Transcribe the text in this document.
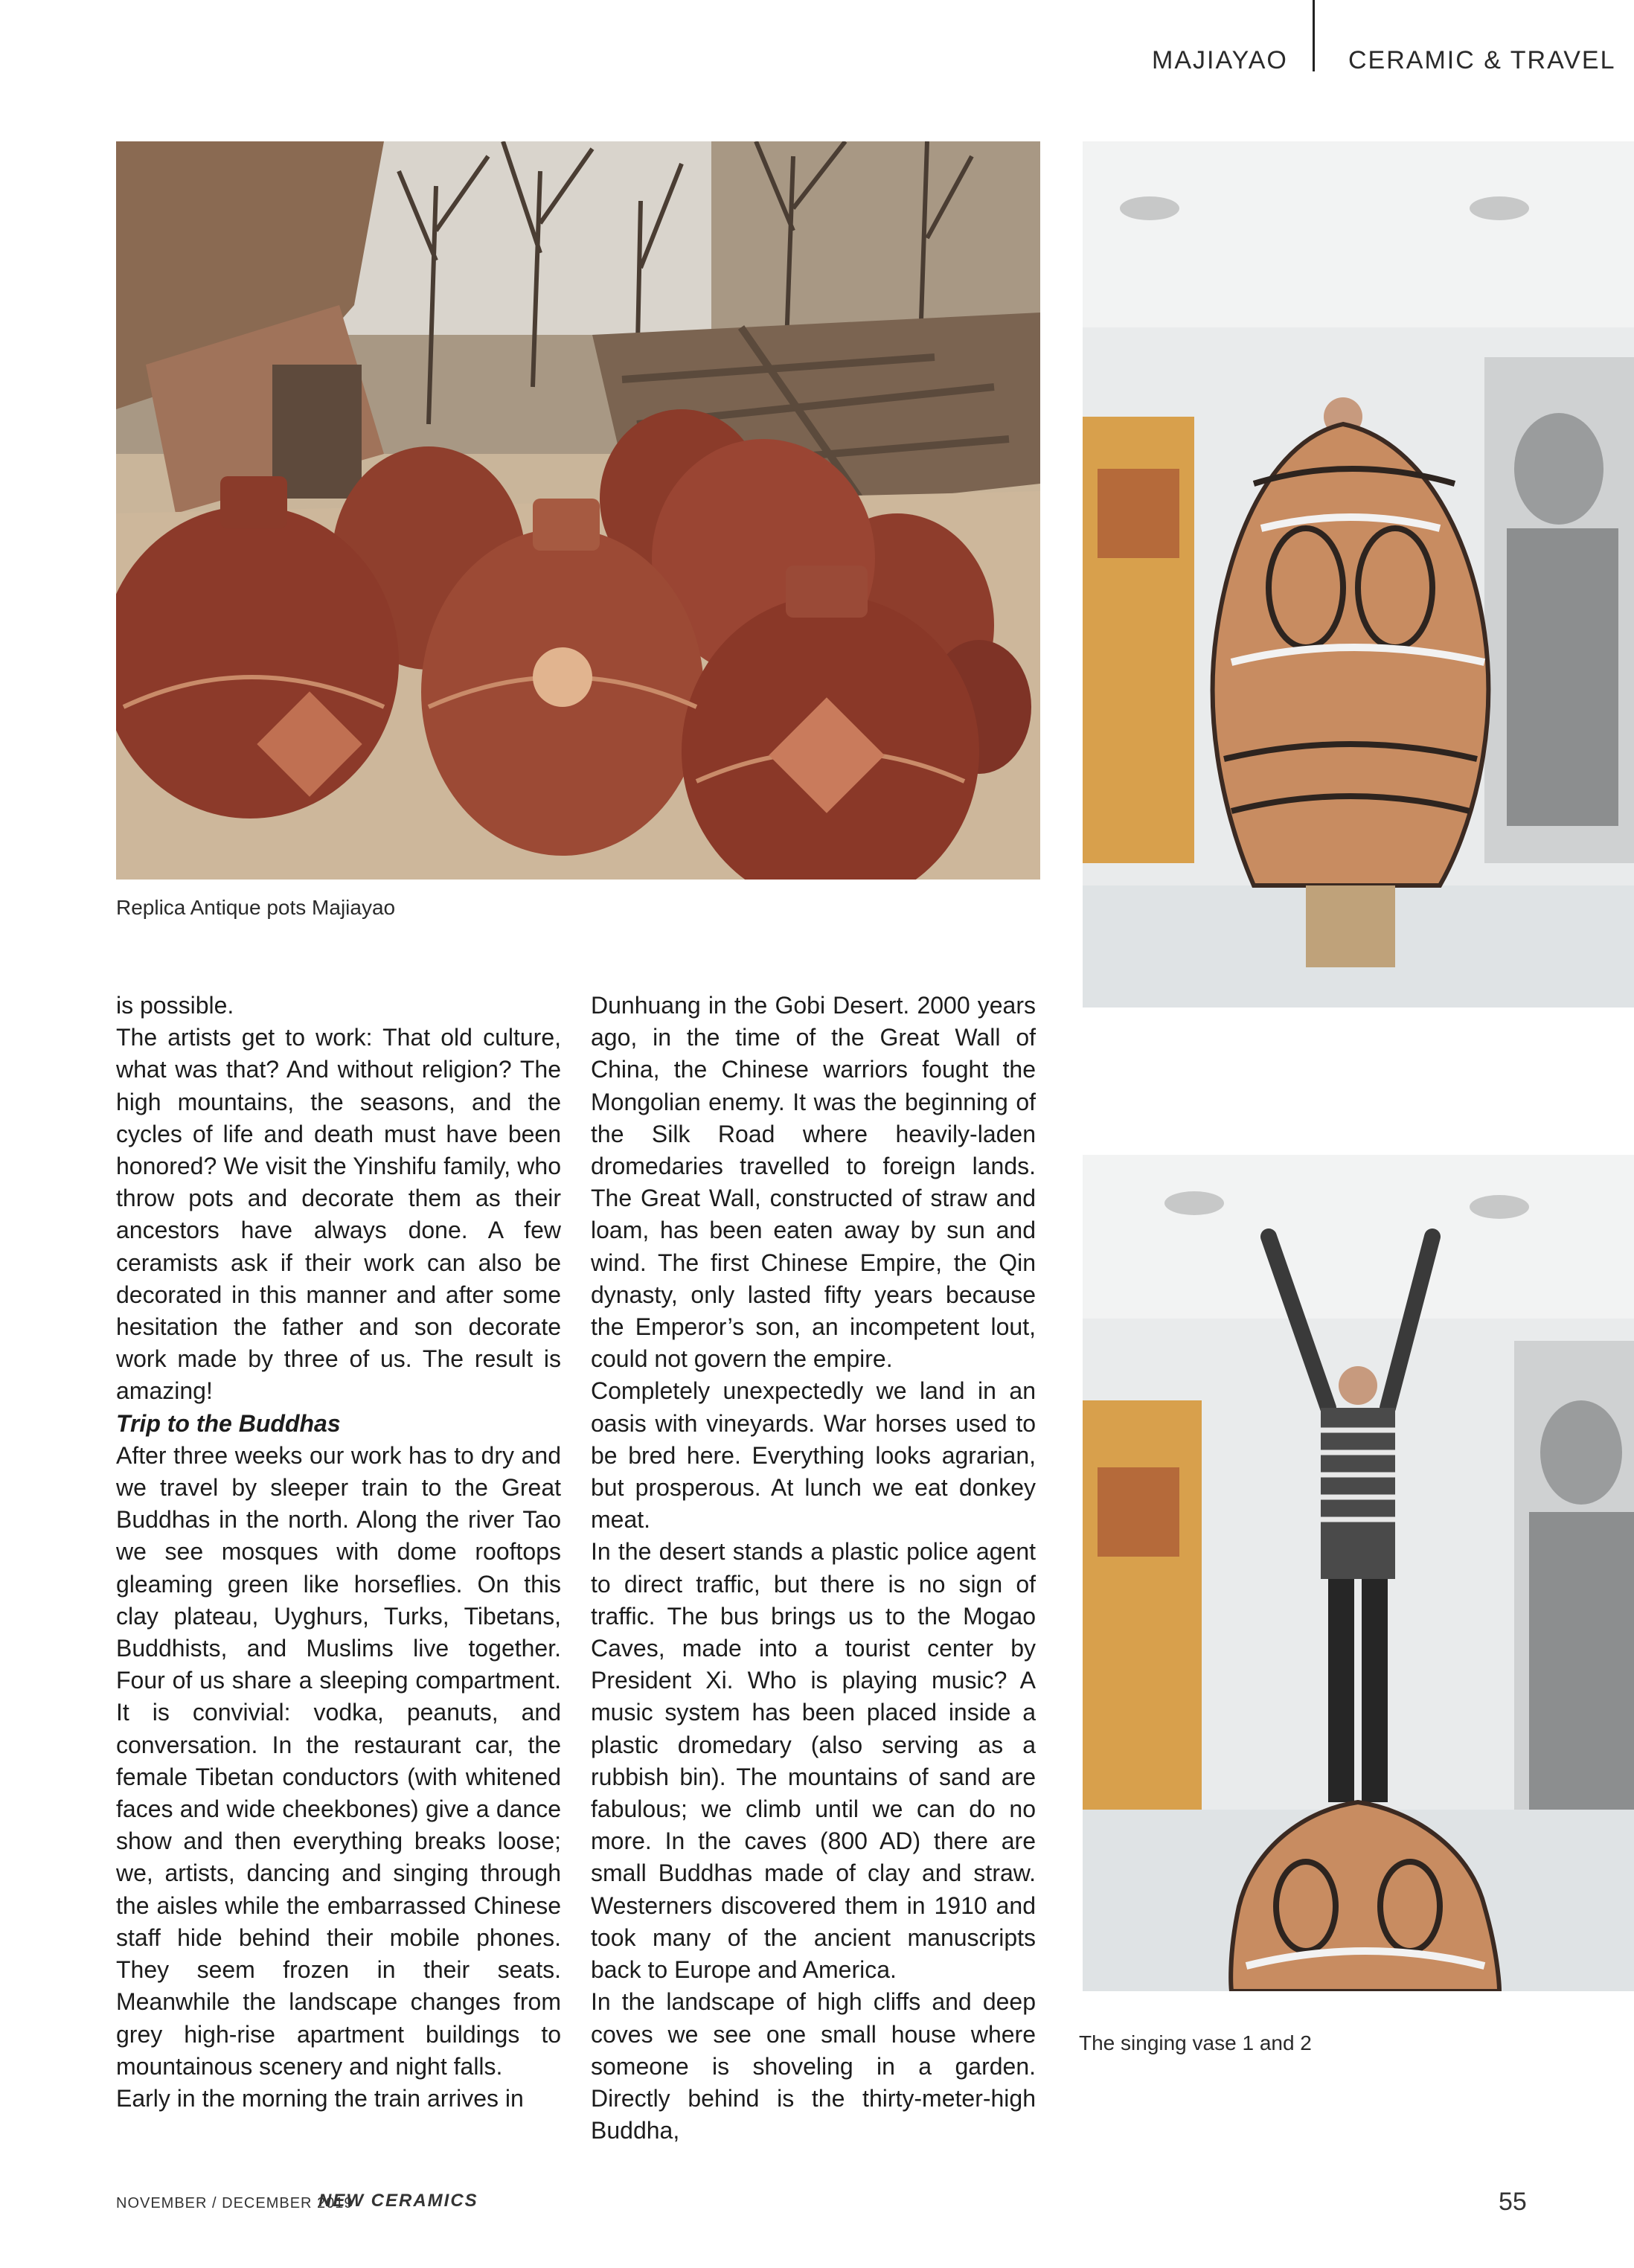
MAJIAYAO CERAMIC & TRAVEL
Replica Antique pots Majiayao
The singing vase 1 and 2

is possible.

The artists get to work: That old culture, what was that? And without religion? The high mountains, the seasons, and the cycles of life and death must have been honored? We visit the Yinshifu family, who throw pots and decorate them as their ancestors have always done. A few ceramists ask if their work can also be decorated in this manner and after some hesitation the father and son decorate work made by three of us. The result is amazing!

Trip to the Buddhas

After three weeks our work has to dry and we travel by sleeper train to the Great Buddhas in the north. Along the river Tao we see mosques with dome rooftops gleaming green like horseflies. On this clay plateau, Uyghurs, Turks, Tibetans, Buddhists, and Muslims live together. Four of us share a sleeping compartment. It is convivial: vodka, peanuts, and conversation. In the restaurant car, the female Tibetan conductors (with whitened faces and wide cheekbones) give a dance show and then everything breaks loose; we, artists, dancing and singing through the aisles while the embarrassed Chinese staff hide behind their mobile phones. They seem frozen in their seats. Meanwhile the landscape changes from grey high-rise apartment buildings to mountainous scenery and night falls.

Early in the morning the train arrives in

Dunhuang in the Gobi Desert. 2000 years ago, in the time of the Great Wall of China, the Chinese warriors fought the Mongolian enemy. It was the beginning of the Silk Road where heavily-laden dromedaries travelled to foreign lands. The Great Wall, constructed of straw and loam, has been eaten away by sun and wind. The first Chinese Empire, the Qin dynasty, only lasted fifty years because the Emperor’s son, an incompetent lout, could not govern the empire.

Completely unexpectedly we land in an oasis with vineyards. War horses used to be bred here. Everything looks agrarian, but prosperous. At lunch we eat donkey meat.

In the desert stands a plastic police agent to direct traffic, but there is no sign of traffic. The bus brings us to the Mogao Caves, made into a tourist center by President Xi. Who is playing music? A music system has been placed inside a plastic dromedary (also serving as a rubbish bin). The mountains of sand are fabulous; we climb until we can do no more. In the caves (800 AD) there are small Buddhas made of clay and straw. Westerners discovered them in 1910 and took many of the ancient manuscripts back to Europe and America.

In the landscape of high cliffs and deep coves we see one small house where someone is shoveling in a garden. Directly behind is the thirty-meter-high Buddha,

NOVEMBER / DECEMBER 2019
NEW CERAMICS	55
